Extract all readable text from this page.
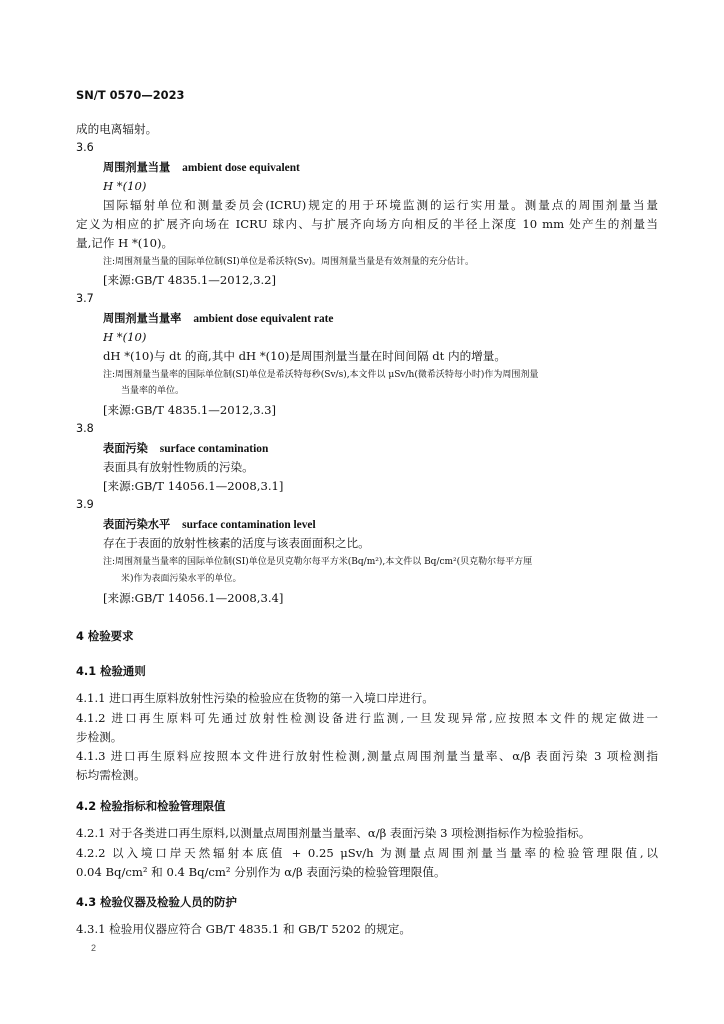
SN/T 0570—2023
成的电离辐射。
3.6
周围剂量当量 ambient dose equivalent
H *(10)
国际辐射单位和测量委员会(ICRU)规定的用于环境监测的运行实用量。测量点的周围剂量当量
定义为相应的扩展齐向场在 ICRU 球内、与扩展齐向场方向相反的半径上深度 10 mm 处产生的剂量当
量,记作 H *(10)。
注:周围剂量当量的国际单位制(SI)单位是希沃特(Sv)。周围剂量当量是有效剂量的充分估计。
[来源:GB/T 4835.1—2012,3.2]
3.7
周围剂量当量率 ambient dose equivalent rate
H *(10)
dH *(10)与 dt 的商,其中 dH *(10)是周围剂量当量在时间间隔 dt 内的增量。
注:周围剂量当量率的国际单位制(SI)单位是希沃特每秒(Sv/s),本文件以 μSv/h(微希沃特每小时)作为周围剂量
当量率的单位。
[来源:GB/T 4835.1—2012,3.3]
3.8
表面污染 surface contamination
表面具有放射性物质的污染。
[来源:GB/T 14056.1—2008,3.1]
3.9
表面污染水平 surface contamination level
存在于表面的放射性核素的活度与该表面面积之比。
注:周围剂量当量率的国际单位制(SI)单位是贝克勒尔每平方米(Bq/m²),本文件以 Bq/cm²(贝克勒尔每平方厘
米)作为表面污染水平的单位。
[来源:GB/T 14056.1—2008,3.4]
4 检验要求
4.1 检验通则
4.1.1 进口再生原料放射性污染的检验应在货物的第一入境口岸进行。
4.1.2 进口再生原料可先通过放射性检测设备进行监测,一旦发现异常,应按照本文件的规定做进一
步检测。
4.1.3 进口再生原料应按照本文件进行放射性检测,测量点周围剂量当量率、α/β 表面污染 3 项检测指
标均需检测。
4.2 检验指标和检验管理限值
4.2.1 对于各类进口再生原料,以测量点周围剂量当量率、α/β 表面污染 3 项检测指标作为检验指标。
4.2.2 以入境口岸天然辐射本底值 + 0.25 μSv/h 为测量点周围剂量当量率的检验管理限值,以
0.04 Bq/cm² 和 0.4 Bq/cm² 分别作为 α/β 表面污染的检验管理限值。
4.3 检验仪器及检验人员的防护
4.3.1 检验用仪器应符合 GB/T 4835.1 和 GB/T 5202 的规定。
2
